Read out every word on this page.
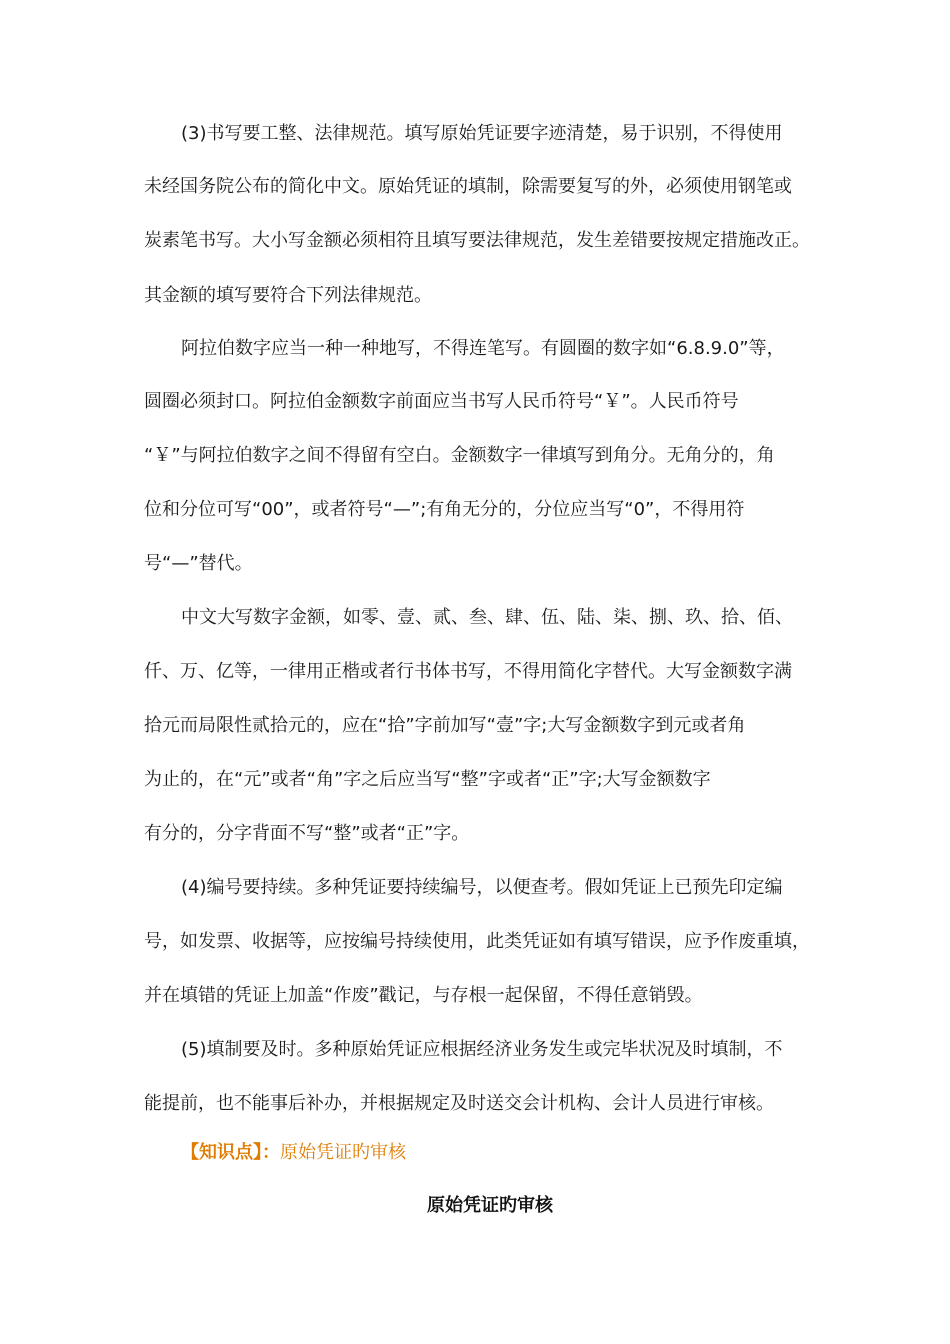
(3)书写要工整、法律规范。填写原始凭证要字迹清楚，易于识别，不得使用
未经国务院公布的简化中文。原始凭证的填制，除需要复写的外，必须使用钢笔或
炭素笔书写。大小写金额必须相符且填写要法律规范，发生差错要按规定措施改正。
其金额的填写要符合下列法律规范。
阿拉伯数字应当一种一种地写，不得连笔写。有圆圈的数字如“6.8.9.0”等，
圆圈必须封口。阿拉伯金额数字前面应当书写人民币符号“￥”。人民币符号
“￥”与阿拉伯数字之间不得留有空白。金额数字一律填写到角分。无角分的，角
位和分位可写“00”，或者符号“—”;有角无分的，分位应当写“0”，不得用符
号“—”替代。
中文大写数字金额，如零、壹、贰、叁、肆、伍、陆、柒、捌、玖、拾、佰、
仟、万、亿等，一律用正楷或者行书体书写，不得用简化字替代。大写金额数字满
拾元而局限性贰拾元的，应在“拾”字前加写“壹”字;大写金额数字到元或者角
为止的，在“元”或者“角”字之后应当写“整”字或者“正”字;大写金额数字
有分的，分字背面不写“整”或者“正”字。
(4)编号要持续。多种凭证要持续编号，以便查考。假如凭证上已预先印定编
号，如发票、收据等，应按编号持续使用，此类凭证如有填写错误，应予作废重填，
并在填错的凭证上加盖“作废”戳记，与存根一起保留，不得任意销毁。
(5)填制要及时。多种原始凭证应根据经济业务发生或完毕状况及时填制，不
能提前，也不能事后补办，并根据规定及时送交会计机构、会计人员进行审核。
【知识点】：原始凭证旳审核
原始凭证旳审核
